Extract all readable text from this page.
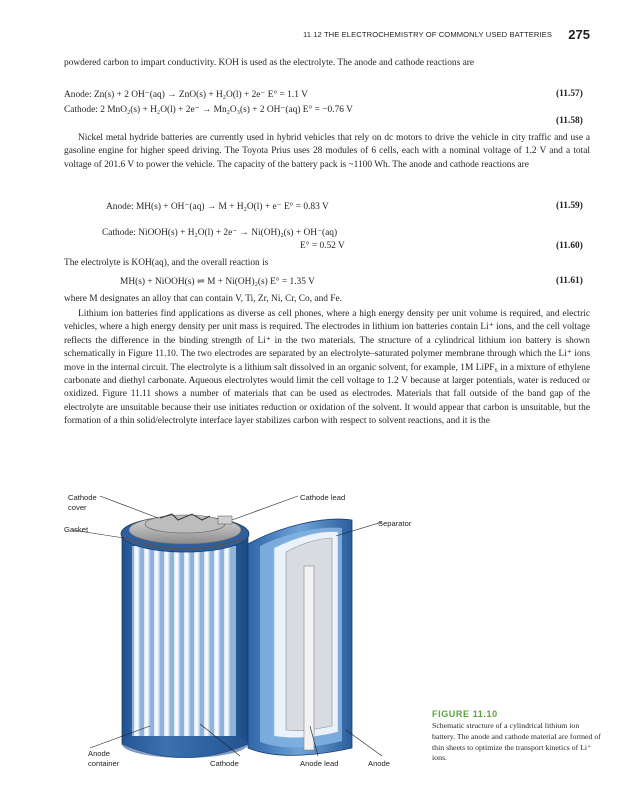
11 12 THE ELECTROCHEMISTRY OF COMMONLY USED BATTERIES 275

powdered carbon to impart conductivity. KOH is used as the electrolyte. The anode and cathode reactions are

Anode: Zn(s) + 2 OH⁻(aq) → ZnO(s) + H₂O(l) + 2e⁻ E° = 1.1 V	(11.57)
Cathode: 2 MnO₂(s) + H₂O(l) + 2e⁻ → Mn₂O₃(s) + 2 OH⁻(aq) E° = −0.76 V
(11.58)

Nickel metal hydride batteries are currently used in hybrid vehicles that rely on dc motors to drive the vehicle in city traffic and use a gasoline engine for higher speed driving. The Toyota Prius uses 28 modules of 6 cells, each with a nominal voltage of 1.2 V and a total voltage of 201.6 V to power the vehicle. The capacity of the battery pack is ~1100 Wh. The anode and cathode reactions are

Anode: MH(s) + OH⁻(aq) → M + H₂O(l) + e⁻ E° = 0.83 V	(11.59)
Cathode: NiOOH(s) + H₂O(l) + 2e⁻ → Ni(OH)₂(s) + OH⁻(aq)
E° = 0.52 V	(11.60)
The electrolyte is KOH(aq), and the overall reaction is
MH(s) + NiOOH(s) ⇌ M + Ni(OH)₂(s) E° = 1.35 V	(11.61)
where M designates an alloy that can contain V, Ti, Zr, Ni, Cr, Co, and Fe.

Lithium ion batteries find applications as diverse as cell phones, where a high energy density per unit volume is required, and electric vehicles, where a high energy density per unit mass is required. The electrodes in lithium ion batteries contain Li⁺ ions, and the cell voltage reflects the difference in the binding strength of Li⁺ in the two materials. The structure of a cylindrical lithium ion battery is shown schematically in Figure 11.10. The two electrodes are separated by an electrolyte–saturated polymer membrane through which the Li⁺ ions move in the internal circuit. The electrolyte is a lithium salt dissolved in an organic solvent, for example, 1M LiPF₆ in a mixture of ethylene carbonate and diethyl carbonate. Aqueous electrolytes would limit the cell voltage to 1.2 V because at larger potentials, water is reduced or oxidized. Figure 11.11 shows a number of materials that can be used as electrodes. Materials that fall outside of the band gap of the electrolyte are unsuitable because their use initiates reduction or oxidation of the solvent. It would appear that carbon is unsuitable, but the formation of a thin solid/electrolyte interface layer stabilizes carbon with respect to solvent reactions, and it is the

Cathode
cover
Cathode lead
Separator
Gasket
Anode
container	Cathode	Anode lead	Anode

FIGURE 11.10

Schematic structure of a cylindrical lithium ion battery. The anode and cathode material are formed of thin sheets to optimize the transport kinetics of Li⁺ ions.
